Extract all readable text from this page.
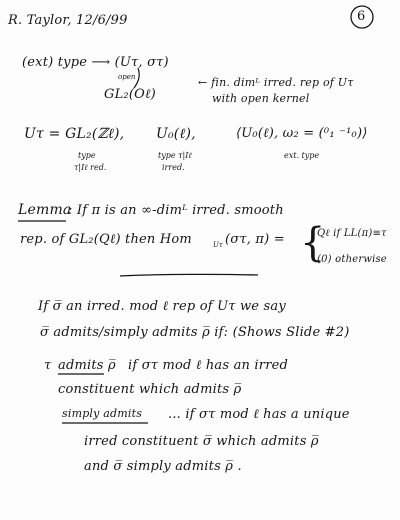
R. Taylor, 12/6/99	6
(ext) type ⟶ (Uτ, στ)
open
GL₂(Oℓ)
← fin. dimᴸ irred. rep of Uτ
with open kernel
Uτ = GL₂(ℤℓ), U₀(ℓ),	⟨U₀(ℓ), ω₂ = (⁰₁ ⁻¹₀)⟩
type
τ|Iℓ red.
type τ|Iℓ
irred.
ext. type
Lemma
: If π is an ∞-dimᴸ irred. smooth
rep. of GL₂(Qℓ) then Hom	Uτ (στ, π) = {
Qℓ if LL(π)≡τ
(0) otherwise
If σ̅ an irred. mod ℓ rep of Uτ we say
σ̅ admits/simply admits ρ̅ if: (Shows Slide #2)
τ admits ρ̅ if στ mod ℓ has an irred
constituent which admits ρ̅
simply admits ... if στ mod ℓ has a unique
irred constituent σ̅ which admits ρ̅
and σ̅ simply admits ρ̅ .
